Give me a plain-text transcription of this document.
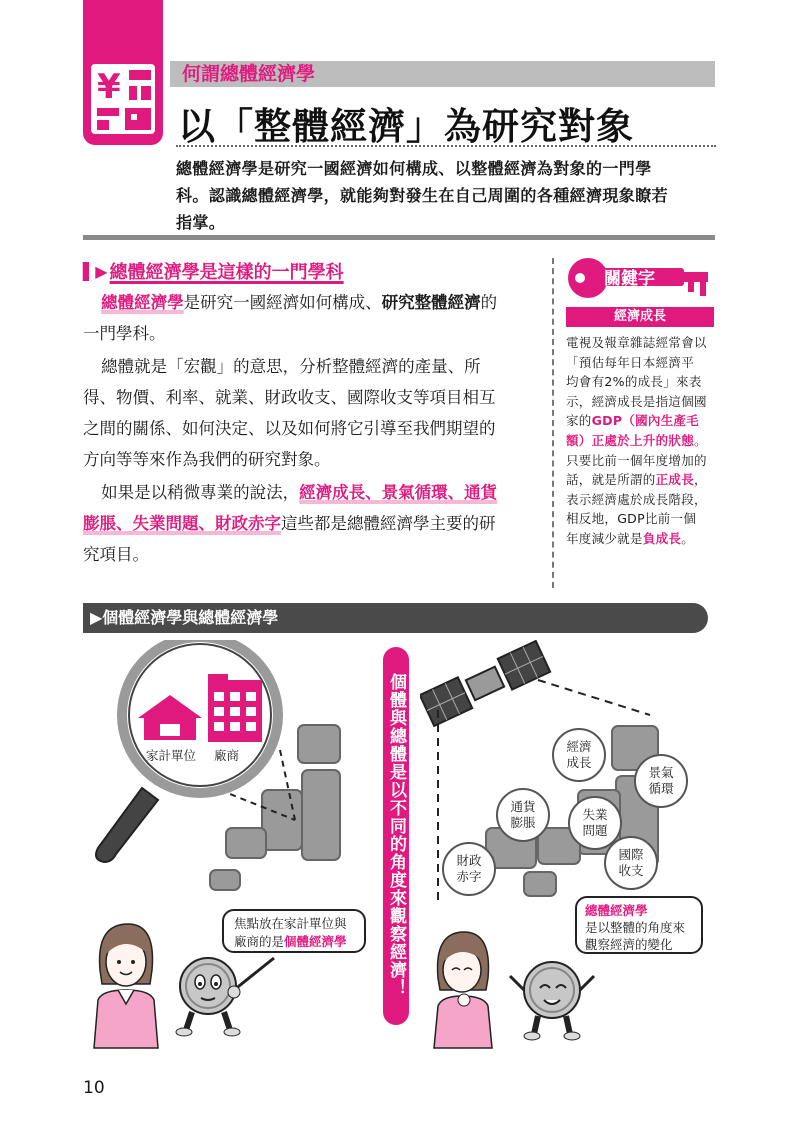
¥	何謂總體經濟學
以「整體經濟」為研究對象
總體經濟學是研究一國經濟如何構成、以整體經濟為對象的一門學
科。認識總體經濟學，就能夠對發生在自己周圍的各種經濟現象瞭若
指掌。
▌▶ 總體經濟學是這樣的一門學科

總體經濟學是研究一國經濟如何構成、研究整體經濟的

一門學科。

總體就是「宏觀」的意思，分析整體經濟的產量、所

得、物價、利率、就業、財政收支、國際收支等項目相互

之間的關係、如何決定、以及如何將它引導至我們期望的

方向等等來作為我們的研究對象。

如果是以稍微專業的說法，經濟成長、景氣循環、通貨

膨脹、失業問題、財政赤字這些都是總體經濟學主要的研

究項目。

關鍵字
經濟成長
電視及報章雜誌經常會以
「預估每年日本經濟平
均會有2%的成長」來表
示，經濟成長是指這個國
家的GDP（國內生產毛
額）正處於上升的狀態。
只要比前一個年度增加的
話，就是所謂的正成長，
表示經濟處於成長階段，
相反地，GDP比前一個
年度減少就是負成長。
▶個體經濟學與總體經濟學
家計單位 廠商
焦點放在家計單位與
廠商的是個體經濟學	個體與總體是以不同的角度來觀察經濟！	經濟
成長
景氣
循環
通貨
膨脹
失業
問題
財政
赤字
國際
收支
總體經濟學
是以整體的角度來
觀察經濟的變化
10
